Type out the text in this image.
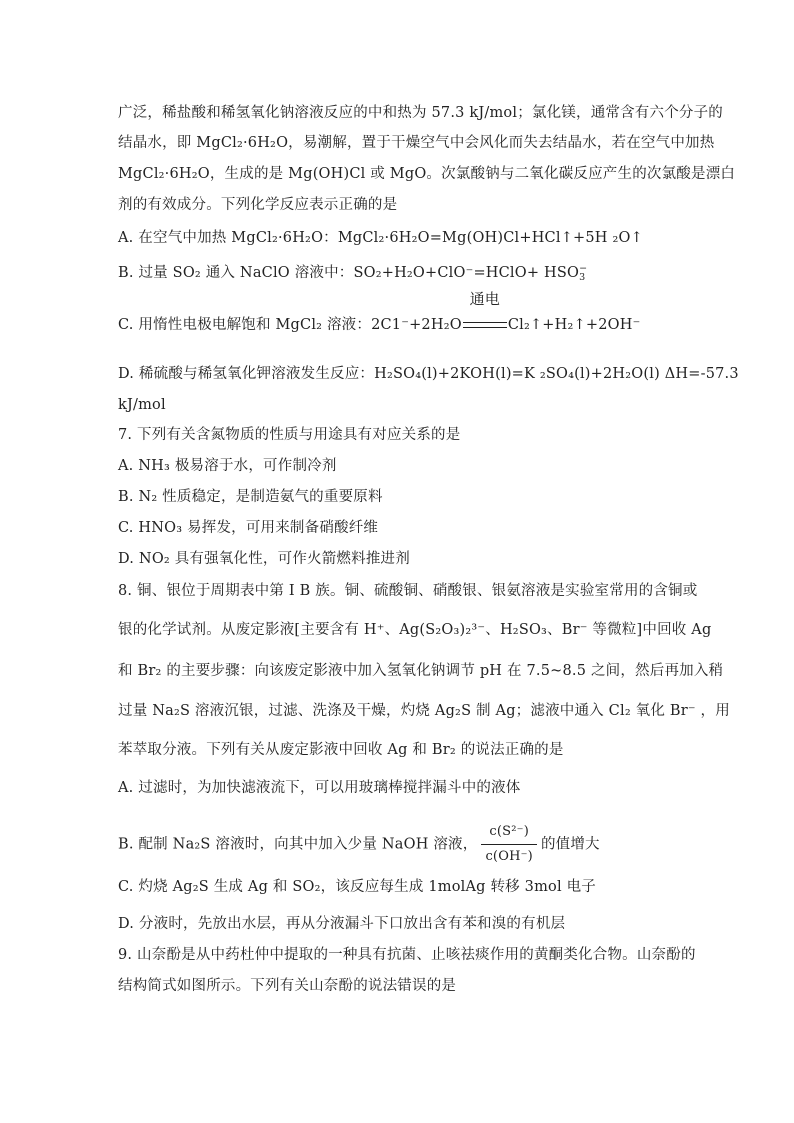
广泛，稀盐酸和稀氢氧化钠溶液反应的中和热为 57.3 kJ/mol；氯化镁，通常含有六个分子的
结晶水，即 MgCl₂·6H₂O，易潮解，置于干燥空气中会风化而失去结晶水，若在空气中加热
MgCl₂·6H₂O，生成的是 Mg(OH)Cl 或 MgO。次氯酸钠与二氧化碳反应产生的次氯酸是漂白
剂的有效成分。下列化学反应表示正确的是
A. 在空气中加热 MgCl₂·6H₂O：MgCl₂·6H₂O=Mg(OH)Cl+HCl↑+5H ₂O↑
B. 过量 SO₂ 通入 NaClO 溶液中：SO₂+H₂O+ClO⁻=HClO+ HSO −
3
C. 用惰性电极电解饱和 MgCl₂ 溶液：2C1⁻+2H₂O
通电
Cl₂↑+H₂↑+2OH⁻
D. 稀硫酸与稀氢氧化钾溶液发生反应：H₂SO₄(l)+2KOH(l)=K ₂SO₄(l)+2H₂O(l) ΔH=-57.3
kJ/mol
7. 下列有关含氮物质的性质与用途具有对应关系的是
A. NH₃ 极易溶于水，可作制冷剂
B. N₂ 性质稳定，是制造氨气的重要原料
C. HNO₃ 易挥发，可用来制备硝酸纤维
D. NO₂ 具有强氧化性，可作火箭燃料推进剂
8. 铜、银位于周期表中第 I B 族。铜、硫酸铜、硝酸银、银氨溶液是实验室常用的含铜或
银的化学试剂。从废定影液[主要含有 H⁺、Ag(S₂O₃)₂³⁻、H₂SO₃、Br⁻ 等微粒]中回收 Ag
和 Br₂ 的主要步骤：向该废定影液中加入氢氧化钠调节 pH 在 7.5~8.5 之间，然后再加入稍
过量 Na₂S 溶液沉银，过滤、洗涤及干燥，灼烧 Ag₂S 制 Ag；滤液中通入 Cl₂ 氧化 Br⁻ ，用
苯萃取分液。下列有关从废定影液中回收 Ag 和 Br₂ 的说法正确的是
A. 过滤时，为加快滤液流下，可以用玻璃棒搅拌漏斗中的液体
B. 配制 Na₂S 溶液时，向其中加入少量 NaOH 溶液， $\frac{\text{c(S²⁻)}}{c(OH^-)}$ 的值增大
C. 灼烧 Ag₂S 生成 Ag 和 SO₂，该反应每生成 1molAg 转移 3mol 电子
D. 分液时，先放出水层，再从分液漏斗下口放出含有苯和溴的有机层
9. 山奈酚是从中药杜仲中提取的一种具有抗菌、止咳祛痰作用的黄酮类化合物。山奈酚的
结构简式如图所示。下列有关山奈酚的说法错误的是
